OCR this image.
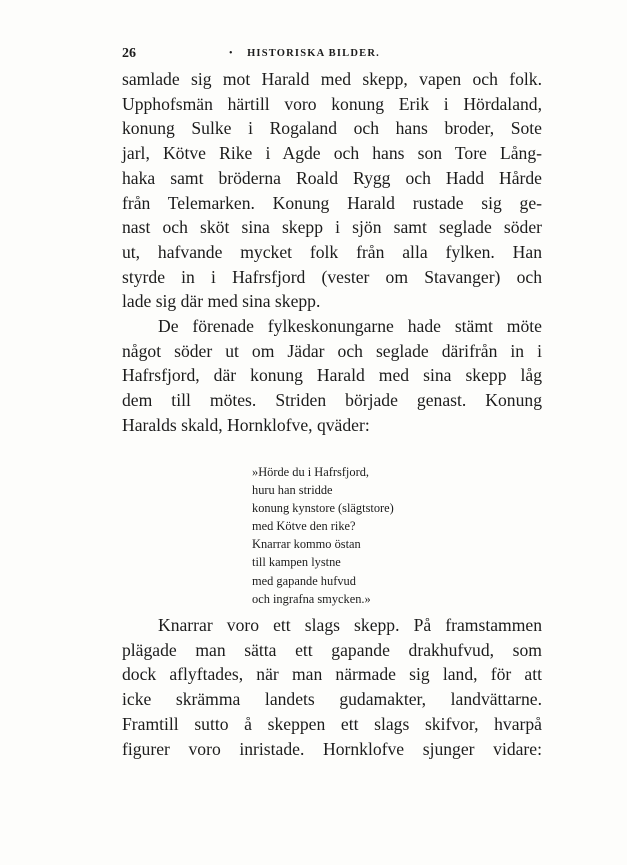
26	•	HISTORISKA BILDER.

samlade sig mot Harald med skepp, vapen och folk.

Upphofsmän härtill voro konung Erik i Hördaland,

konung Sulke i Rogaland och hans broder, Sote

jarl, Kötve Rike i Agde och hans son Tore Lång-

haka samt bröderna Roald Rygg och Hadd Hårde

från Telemarken. Konung Harald rustade sig ge-

nast och sköt sina skepp i sjön samt seglade söder

ut, hafvande mycket folk från alla fylken. Han

styrde in i Hafrsfjord (vester om Stavanger) och

lade sig där med sina skepp.

De förenade fylkeskonungarne hade stämt möte

något söder ut om Jädar och seglade därifrån in i

Hafrsfjord, där konung Harald med sina skepp låg

dem till mötes. Striden började genast. Konung

Haralds skald, Hornklofve, qväder:

»Hörde du i Hafrsfjord,
huru han stridde
konung kynstore (slägtstore)
med Kötve den rike?
Knarrar kommo östan
till kampen lystne
med gapande hufvud
och ingrafna smycken.»

Knarrar voro ett slags skepp. På framstammen

plägade man sätta ett gapande drakhufvud, som

dock aflyftades, när man närmade sig land, för att

icke skrämma landets gudamakter, landvättarne.

Framtill sutto å skeppen ett slags skifvor, hvarpå

figurer voro inristade. Hornklofve sjunger vidare:
